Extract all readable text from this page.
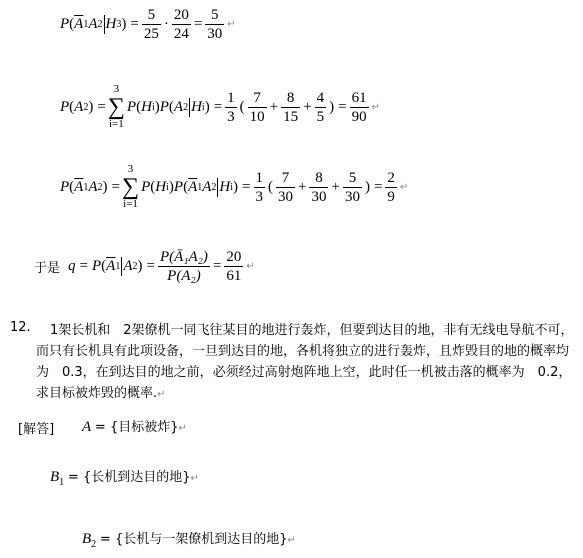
P ( $\overline{A}$ 1 A 2 H 3 ) = $\frac{5}{25} \cdot \frac{20}{24} = \frac{5}{30}$ ↵
P ( A 2 ) =
3
∑
i=1
P ( H i ) P ( A 2 H i ) = $\frac{1}{3}$ ( $\frac{7}{10} + \frac{8}{15} + \frac{4}{5}$ ) = $\frac{61}{90}$ ↵
P ( $\overline{A}$ 1 A 2 ) =
3
∑
i=1
P ( H i ) P ( $\overline{A}$ 1 A 2 H i ) = $\frac{1}{3}$ ( $\frac{7}{30} + \frac{8}{30} + \frac{5}{30}$ ) = $\frac{2}{9}$ ↵
于是 q = P ( $\overline{A}$ 1 A 2 ) = $\frac{\text{P(Ā₁A₂)}}{\text{P(A₂)}} = \frac{20}{61}$ ↵
12.	1架长机和　2架僚机一同飞往某目的地进行轰炸，但要到达目的地，非有无线电导航不可，而只有长机具有此项设备，一旦到达目的地，各机将独立的进行轰炸，且炸毁目的地的概率均为　0.3，在到达目的地之前，必须经过高射炮阵地上空，此时任一机被击落的概率为　0.2，求目标被炸毁的概率.↵
[解答] A = {目标被炸}↵
$B_1$ = {长机到达目的地}↵
$B_2$ = {长机与一架僚机到达目的地}↵
